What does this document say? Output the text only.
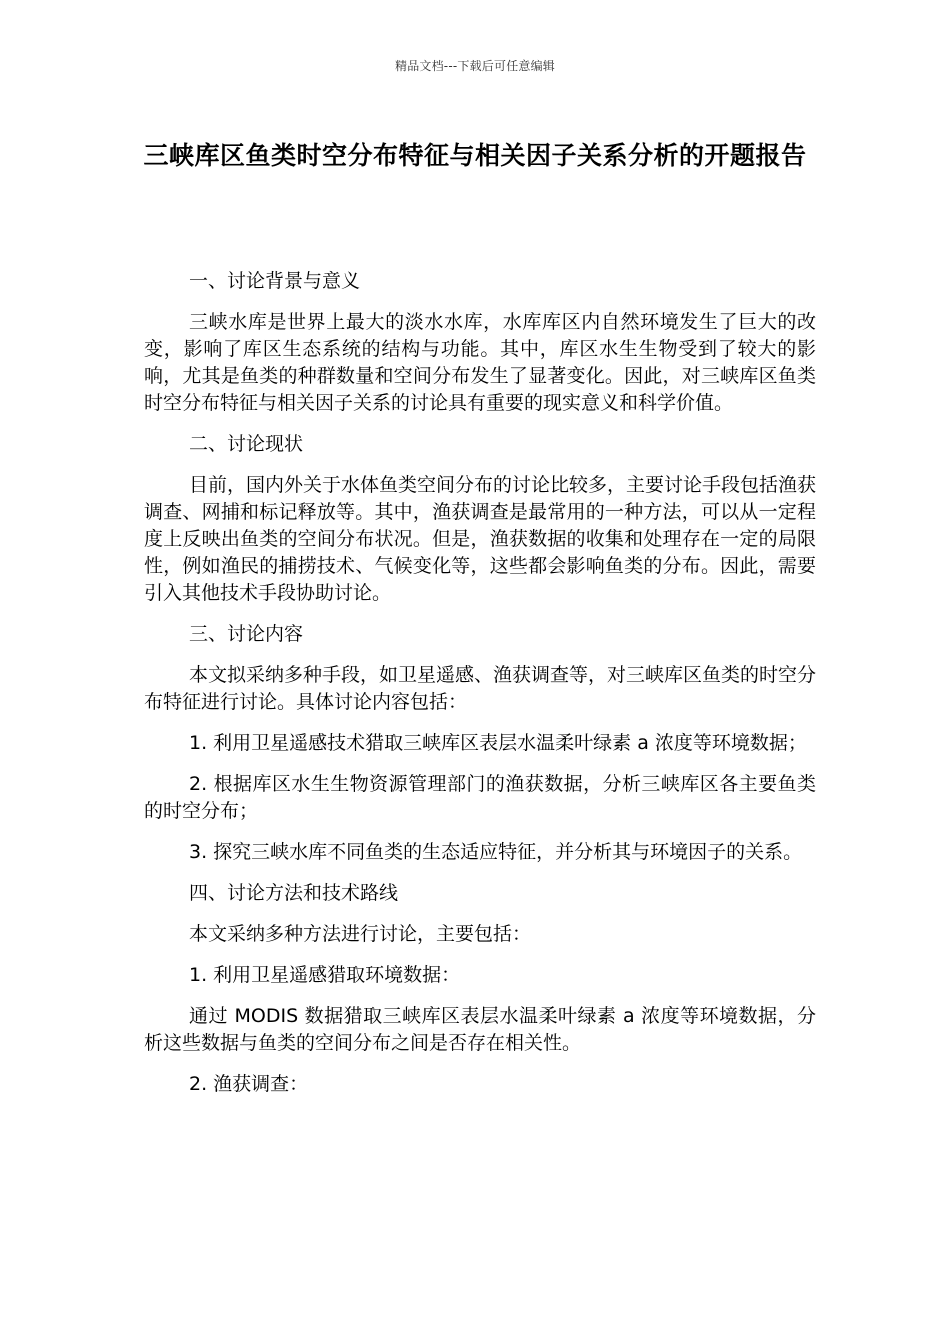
精品文档---下载后可任意编辑
三峡库区鱼类时空分布特征与相关因子关系分析的开题报告
一、讨论背景与意义
三峡水库是世界上最大的淡水水库，水库库区内自然环境发生了巨大的改变，影响了库区生态系统的结构与功能。其中，库区水生生物受到了较大的影响，尤其是鱼类的种群数量和空间分布发生了显著变化。因此，对三峡库区鱼类时空分布特征与相关因子关系的讨论具有重要的现实意义和科学价值。
二、讨论现状
目前，国内外关于水体鱼类空间分布的讨论比较多，主要讨论手段包括渔获调查、网捕和标记释放等。其中，渔获调查是最常用的一种方法，可以从一定程度上反映出鱼类的空间分布状况。但是，渔获数据的收集和处理存在一定的局限性，例如渔民的捕捞技术、气候变化等，这些都会影响鱼类的分布。因此，需要引入其他技术手段协助讨论。
三、讨论内容
本文拟采纳多种手段，如卫星遥感、渔获调查等，对三峡库区鱼类的时空分布特征进行讨论。具体讨论内容包括：
1. 利用卫星遥感技术猎取三峡库区表层水温柔叶绿素 a 浓度等环境数据；
2. 根据库区水生生物资源管理部门的渔获数据，分析三峡库区各主要鱼类的时空分布；
3. 探究三峡水库不同鱼类的生态适应特征，并分析其与环境因子的关系。
四、讨论方法和技术路线
本文采纳多种方法进行讨论，主要包括：
1. 利用卫星遥感猎取环境数据：
通过 MODIS 数据猎取三峡库区表层水温柔叶绿素 a 浓度等环境数据，分析这些数据与鱼类的空间分布之间是否存在相关性。
2. 渔获调查：
